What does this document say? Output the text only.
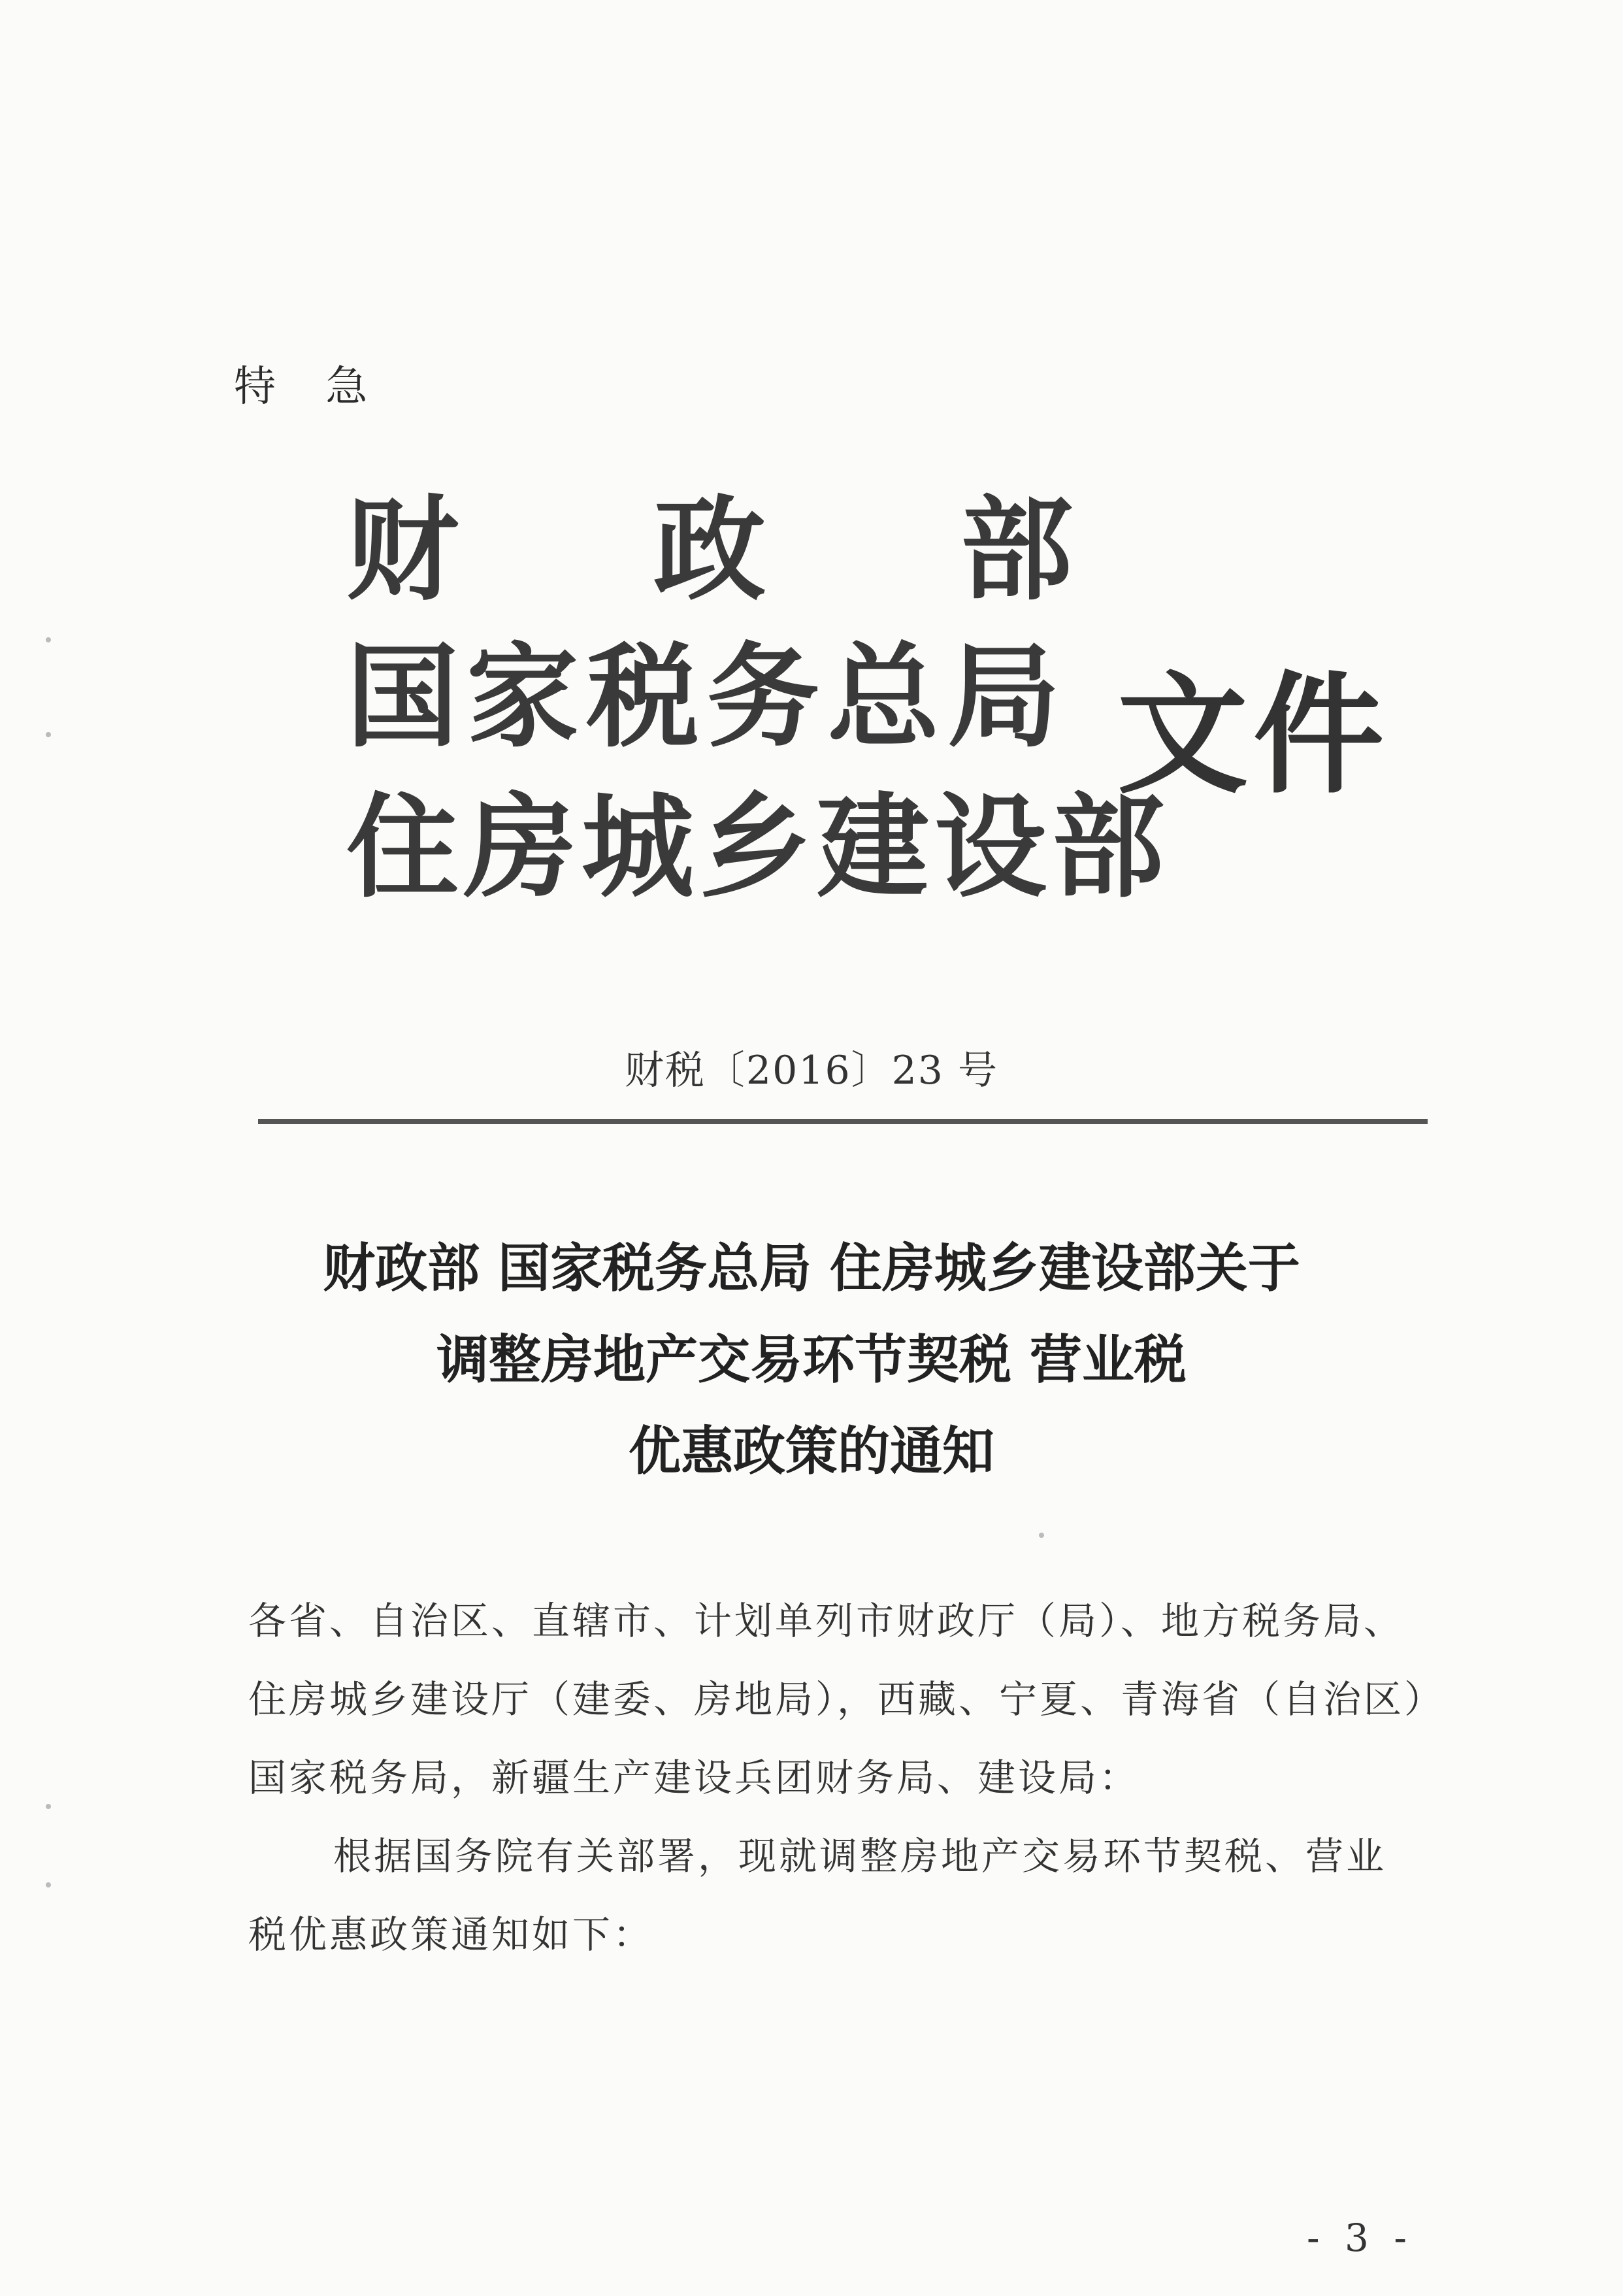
特 急
财 政 部
国家税务总局
住房城乡建设部
文件
财税〔2016〕23 号
财政部 国家税务总局 住房城乡建设部关于
调整房地产交易环节契税 营业税
优惠政策的通知

各省、自治区、直辖市、计划单列市财政厅（局）、地方税务局、

住房城乡建设厅（建委、房地局），西藏、宁夏、青海省（自治区）

国家税务局，新疆生产建设兵团财务局、建设局：

根据国务院有关部署，现就调整房地产交易环节契税、营业

税优惠政策通知如下：

- 3 -
